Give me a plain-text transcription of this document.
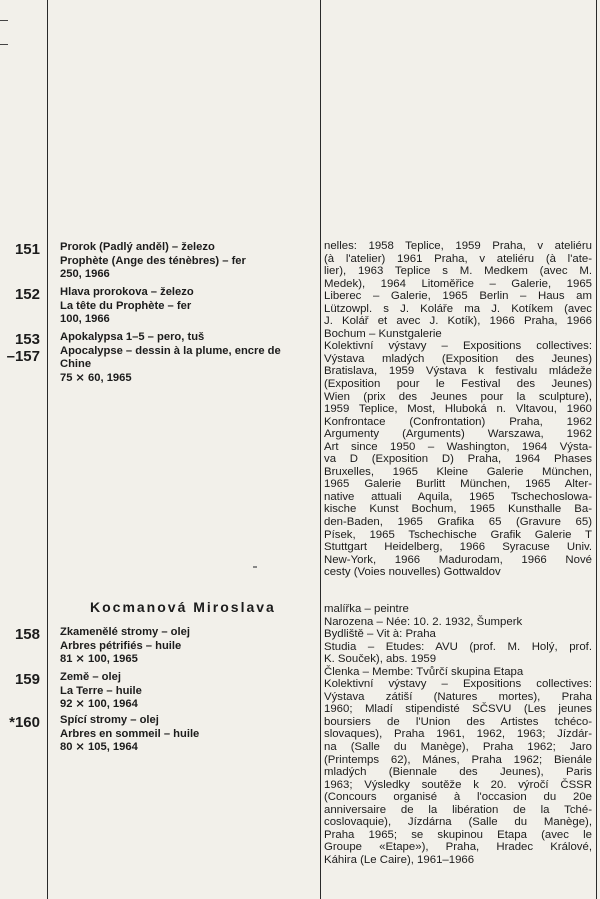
151 Prorok (Padlý anděl) – železo
Prophète (Ange des ténèbres) – fer
250, 1966
152 Hlava prorokova – železo
La tête du Prophète – fer
100, 1966
153
–157
Apokalypsa 1–5 – pero, tuš
Apocalypse – dessin à la plume, encre de
Chine
75 ⨯ 60, 1965
nelles: 1958 Teplice, 1959 Praha, v ateliéru
(à l'atelier) 1961 Praha, v ateliéru (à l'ate-
lier), 1963 Teplice s M. Medkem (avec M.
Medek), 1964 Litoměřice – Galerie, 1965
Liberec – Galerie, 1965 Berlin – Haus am
Lützowpl. s J. Koláře ma J. Kotíkem (avec
J. Kolář et avec J. Kotík), 1966 Praha, 1966
Bochum – Kunstgalerie
Kolektivní výstavy – Expositions collectives:
Výstava mladých (Exposition des Jeunes)
Bratislava, 1959 Výstava k festivalu mládeže
(Exposition pour le Festival des Jeunes)
Wien (prix des Jeunes pour la sculpture),
1959 Teplice, Most, Hluboká n. Vltavou, 1960
Konfrontace (Confrontation) Praha, 1962
Argumenty (Arguments) Warszawa, 1962
Art since 1950 – Washington, 1964 Výsta-
va D (Exposition D) Praha, 1964 Phases
Bruxelles, 1965 Kleine Galerie München,
1965 Galerie Burlitt München, 1965 Alter-
native attuali Aquila, 1965 Tschechoslowa-
kische Kunst Bochum, 1965 Kunsthalle Ba-
den-Baden, 1965 Grafika 65 (Gravure 65)
Písek, 1965 Tschechische Grafik Galerie T
Stuttgart Heidelberg, 1966 Syracuse Univ.
New-York, 1966 Madurodam, 1966 Nové
cesty (Voies nouvelles) Gottwaldov
Kocmanová Miroslava
158 Zkamenělé stromy – olej
Arbres pétrifiés – huile
81 ⨯ 100, 1965
159 Země – olej
La Terre – huile
92 ⨯ 100, 1964
*160 Spící stromy – olej
Arbres en sommeil – huile
80 ⨯ 105, 1964
malířka – peintre
Narozena – Née: 10. 2. 1932, Šumperk
Bydliště – Vit à: Praha
Studia – Etudes: AVU (prof. M. Holý, prof.
K. Souček), abs. 1959
Členka – Membe: Tvůrčí skupina Etapa
Kolektivní výstavy – Expositions collectives:
Výstava zátiší (Natures mortes), Praha
1960; Mladí stipendisté SČSVU (Les jeunes
boursiers de l'Union des Artistes tchéco-
slovaques), Praha 1961, 1962, 1963; Jízdár-
na (Salle du Manège), Praha 1962; Jaro
(Printemps 62), Mánes, Praha 1962; Bienále
mladých (Biennale des Jeunes), Paris
1963; Výsledky soutěže k 20. výročí ČSSR
(Concours organisé à l'occasion du 20e
anniversaire de la libération de la Tché-
coslovaquie), Jízdárna (Salle du Manège),
Praha 1965; se skupinou Etapa (avec le
Groupe «Etape»), Praha, Hradec Králové,
Káhira (Le Caire), 1961–1966
